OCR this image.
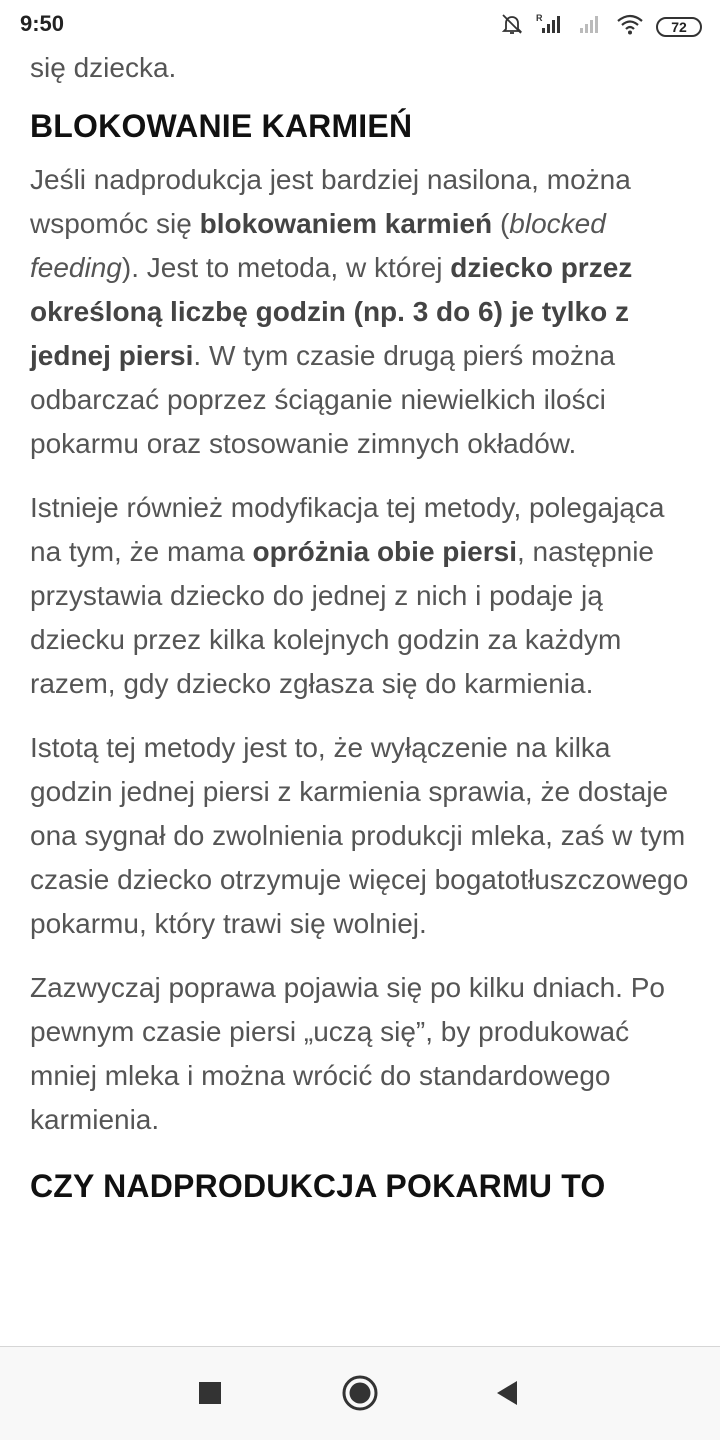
się dziecka.

BLOKOWANIE KARMIEŃ

Jeśli nadprodukcja jest bardziej nasilona, można wspomóc się blokowaniem karmień (blocked feeding). Jest to metoda, w której dziecko przez określoną liczbę godzin (np. 3 do 6) je tylko z jednej piersi. W tym czasie drugą pierś można odbarczać poprzez ściąganie niewielkich ilości pokarmu oraz stosowanie zimnych okładów.

Istnieje również modyfikacja tej metody, polegająca na tym, że mama opróżnia obie piersi, następnie przystawia dziecko do jednej z nich i podaje ją dziecku przez kilka kolejnych godzin za każdym razem, gdy dziecko zgłasza się do karmienia.

Istotą tej metody jest to, że wyłączenie na kilka godzin jednej piersi z karmienia sprawia, że dostaje ona sygnał do zwolnienia produkcji mleka, zaś w tym czasie dziecko otrzymuje więcej bogatotłuszczowego pokarmu, który trawi się wolniej.

Zazwyczaj poprawa pojawia się po kilku dniach. Po pewnym czasie piersi „uczą się”, by produkować mniej mleka i można wrócić do standardowego karmienia.

CZY NADPRODUKCJA POKARMU TO
9:50	R
72
